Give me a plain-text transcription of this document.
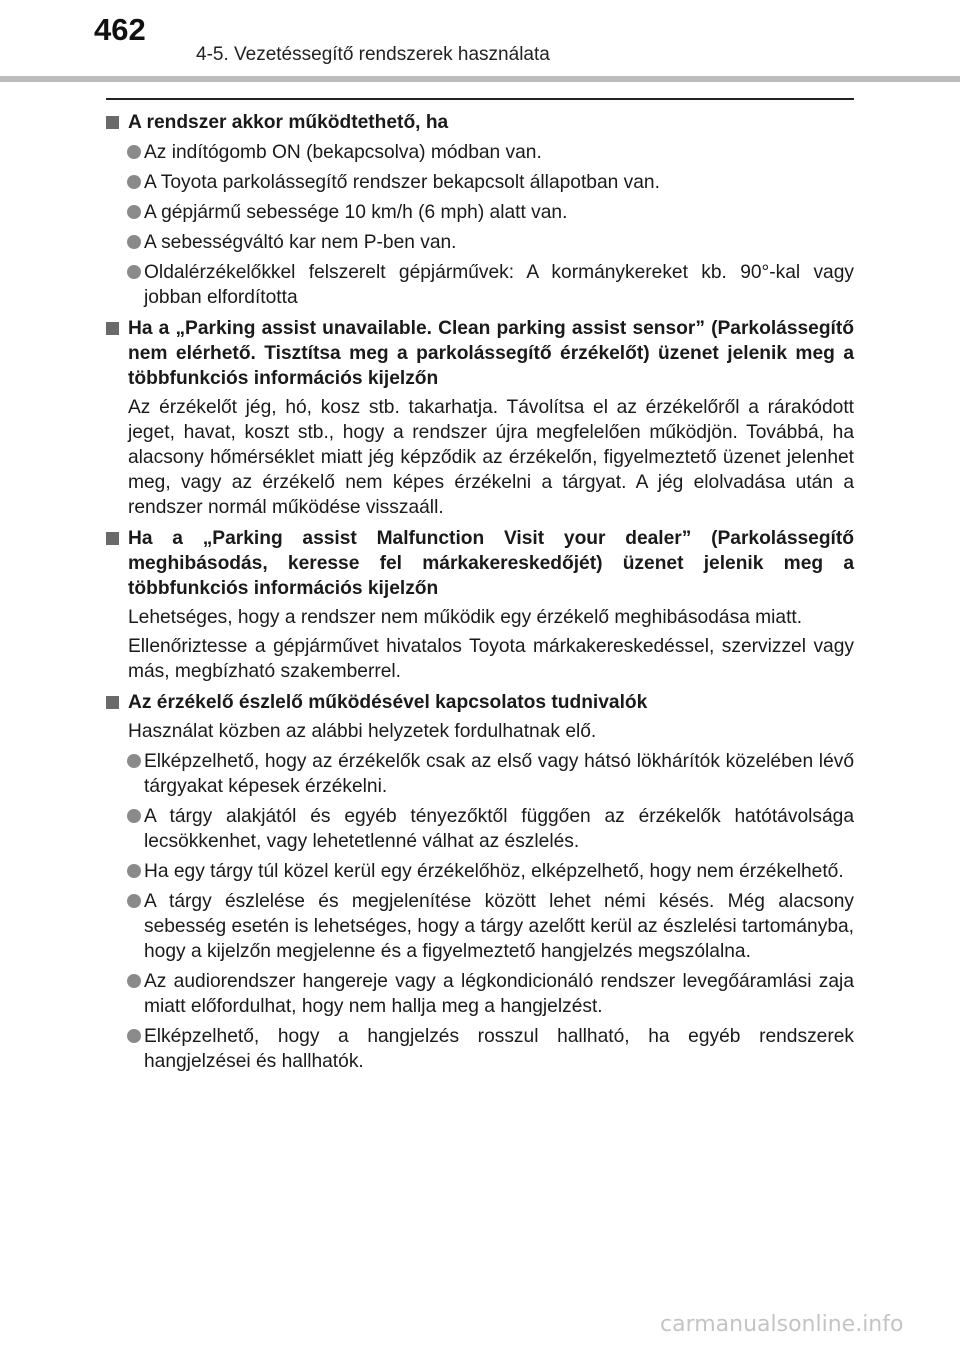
462
4-5. Vezetéssegítő rendszerek használata
A rendszer akkor működtethető, ha
Az indítógomb ON (bekapcsolva) módban van.
A Toyota parkolássegítő rendszer bekapcsolt állapotban van.
A gépjármű sebessége 10 km/h (6 mph) alatt van.
A sebességváltó kar nem P-ben van.
Oldalérzékelőkkel felszerelt gépjárművek: A kormánykereket kb. 90°-kal vagy jobban elfordította
Ha a „Parking assist unavailable. Clean parking assist sensor” (Parkolássegítő nem elérhető. Tisztítsa meg a parkolássegítő érzékelőt) üzenet jelenik meg a többfunkciós információs kijelzőn
Az érzékelőt jég, hó, kosz stb. takarhatja. Távolítsa el az érzékelőről a rárakódott jeget, havat, koszt stb., hogy a rendszer újra megfelelően működjön. Továbbá, ha alacsony hőmérséklet miatt jég képződik az érzékelőn, figyelmeztető üzenet jelenhet meg, vagy az érzékelő nem képes érzékelni a tárgyat. A jég elolvadása után a rendszer normál működése visszaáll.
Ha a „Parking assist Malfunction Visit your dealer” (Parkolássegítő meghibásodás, keresse fel márkakereskedőjét) üzenet jelenik meg a többfunkciós információs kijelzőn
Lehetséges, hogy a rendszer nem működik egy érzékelő meghibásodása miatt.
Ellenőriztesse a gépjárművet hivatalos Toyota márkakereskedéssel, szervizzel vagy más, megbízható szakemberrel.
Az érzékelő észlelő működésével kapcsolatos tudnivalók
Használat közben az alábbi helyzetek fordulhatnak elő.
Elképzelhető, hogy az érzékelők csak az első vagy hátsó lökhárítók közelében lévő tárgyakat képesek érzékelni.
A tárgy alakjától és egyéb tényezőktől függően az érzékelők hatótávolsága lecsökkenhet, vagy lehetetlenné válhat az észlelés.
Ha egy tárgy túl közel kerül egy érzékelőhöz, elképzelhető, hogy nem érzékelhető.
A tárgy észlelése és megjelenítése között lehet némi késés. Még alacsony sebesség esetén is lehetséges, hogy a tárgy azelőtt kerül az észlelési tartományba, hogy a kijelzőn megjelenne és a figyelmeztető hangjelzés megszólalna.
Az audiorendszer hangereje vagy a légkondicionáló rendszer levegőáramlási zaja miatt előfordulhat, hogy nem hallja meg a hangjelzést.
Elképzelhető, hogy a hangjelzés rosszul hallható, ha egyéb rendszerek hangjelzései és hallhatók.
carmanualsonline.info
